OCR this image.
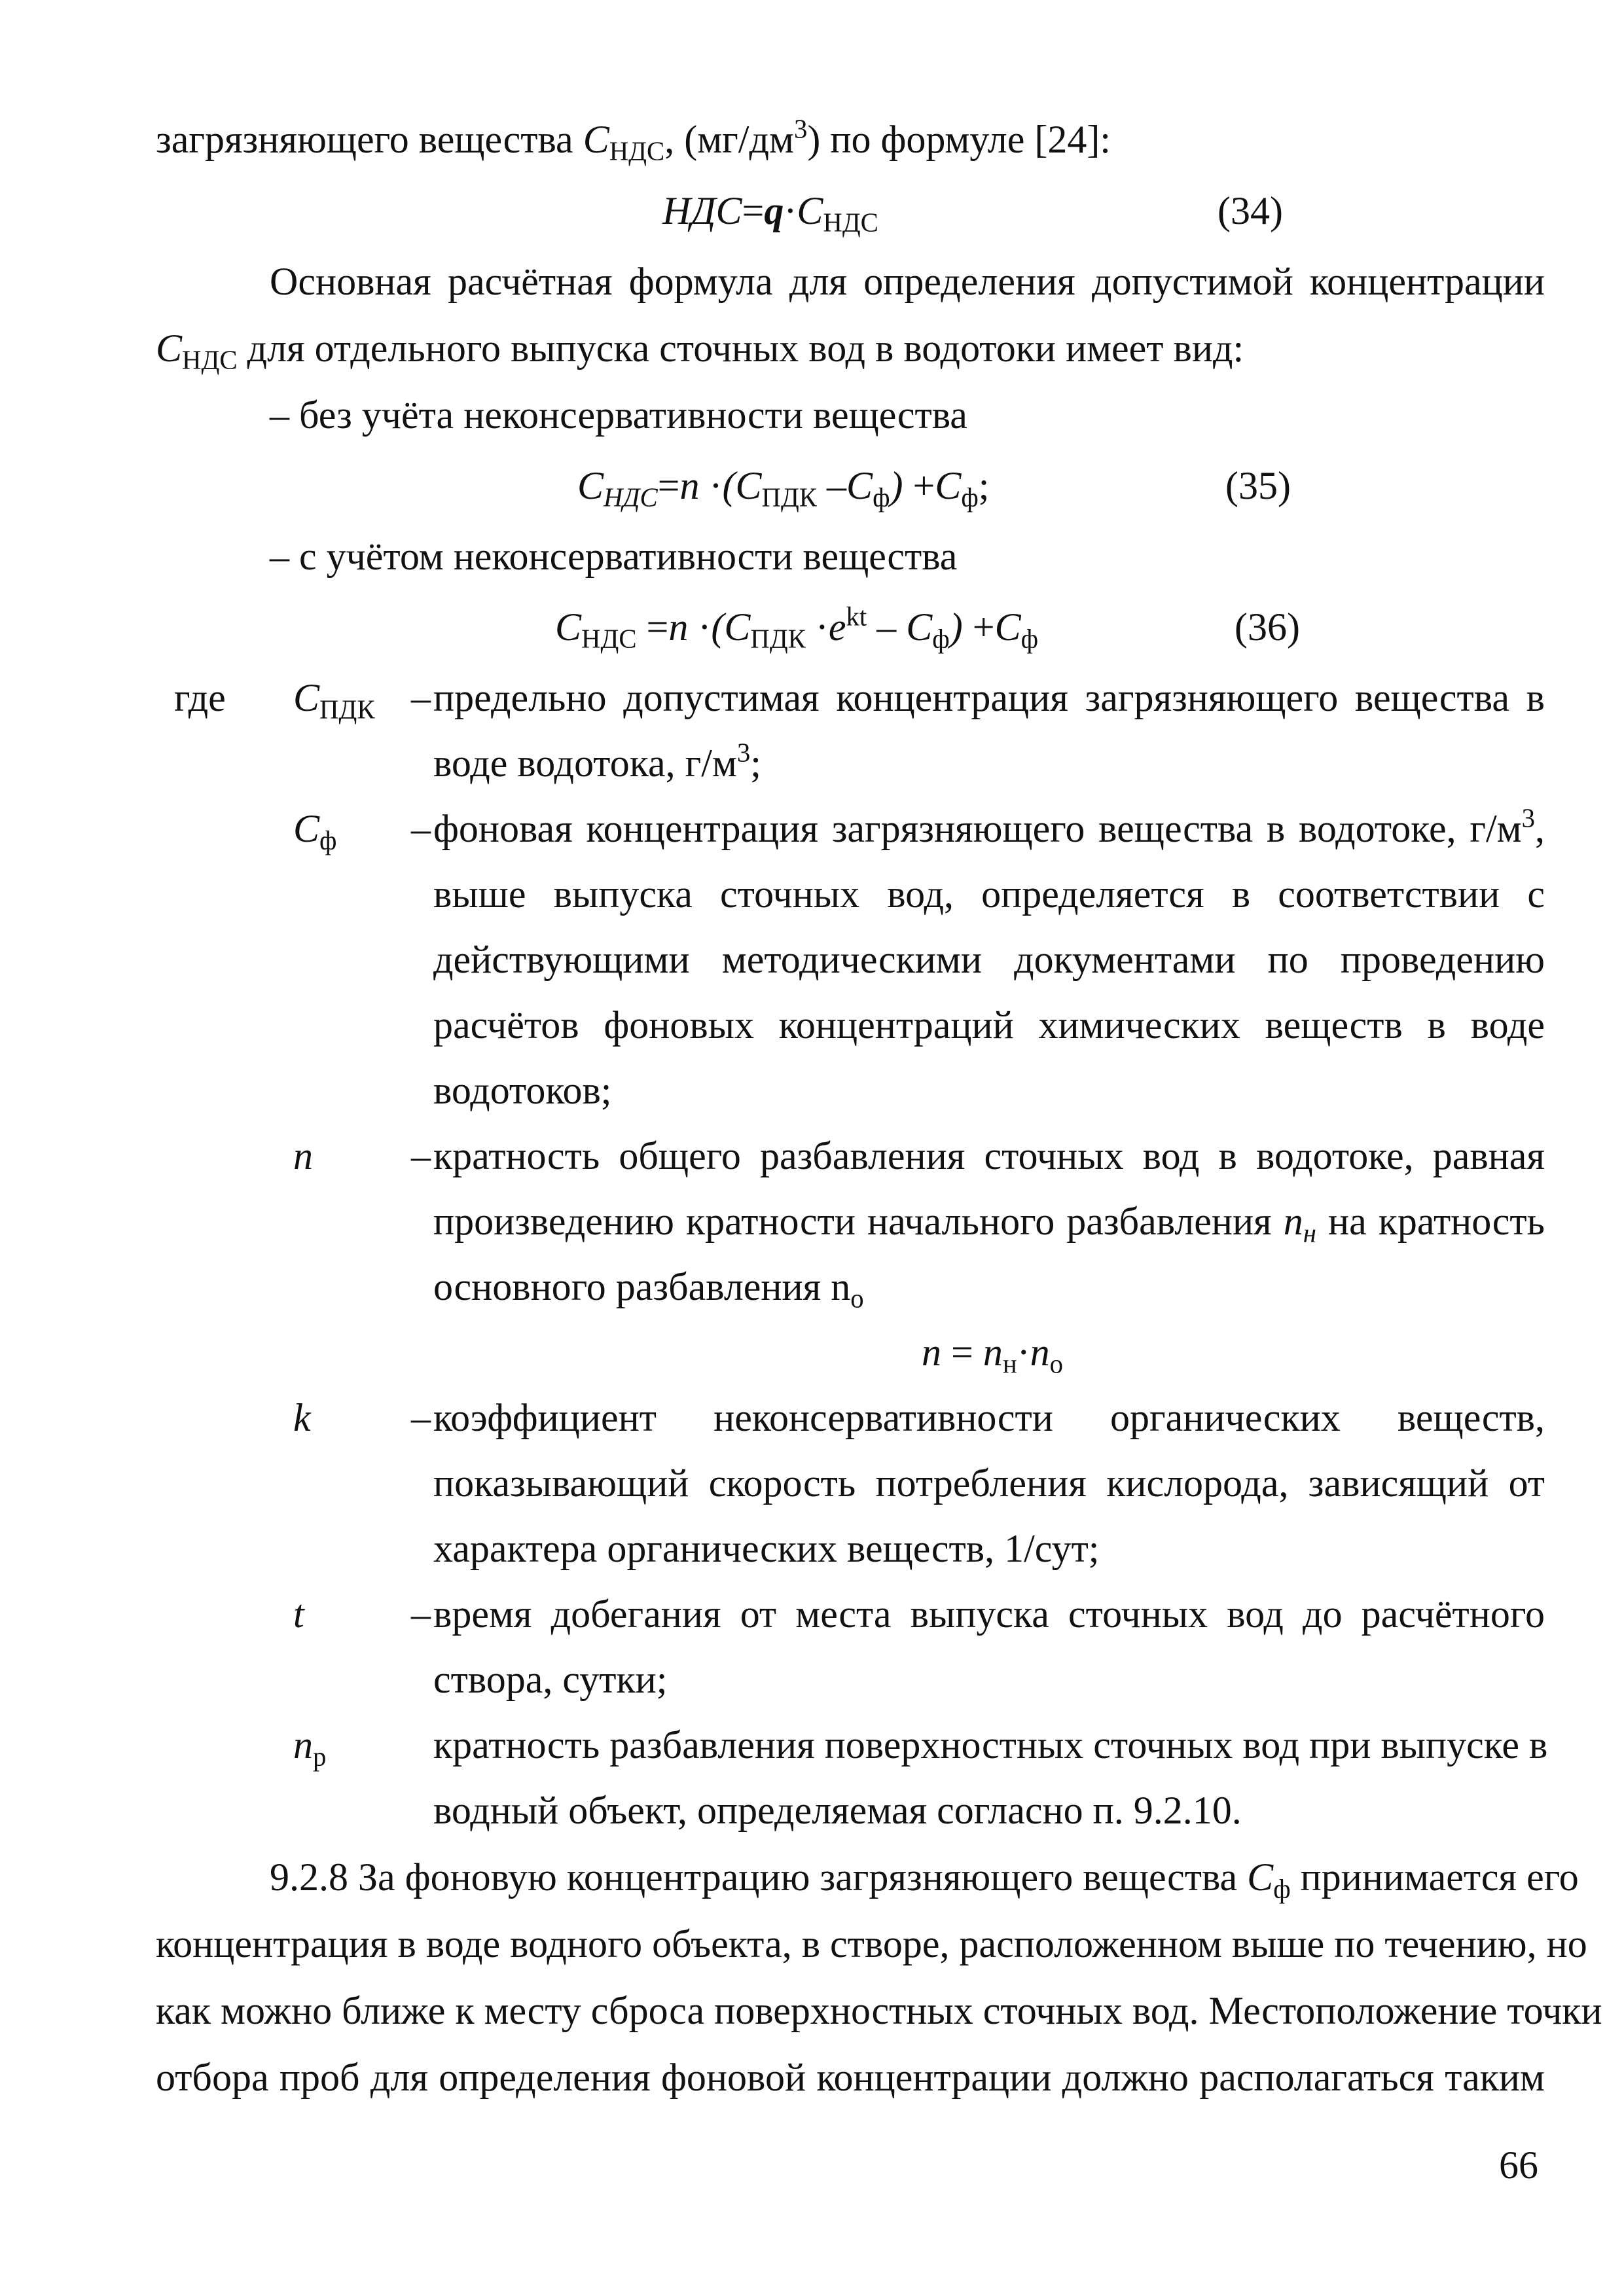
загрязняющего вещества $C_{НДС}$, $(мг/дм^3)$ по формуле [24]:
$НДС=q\cdot C_{НДС}$	(34)
Основная расчётная формула для определения допустимой концентрации
$C_{НДС}$ для отдельного выпуска сточных вод в водотоки имеет вид:
– без учёта неконсервативности вещества
$C_{НДС}=n \cdot(C_{ПДК}$ $-C_ф) +C_ф$;	(35)
– с учётом неконсервативности вещества
$C_{НДС} =n \cdot(C_{ПДК} \cdot e^{kt} - C_ф) +C_ф$	(36)
где $C_{ПДК}$ – предельно допустимая концентрация загрязняющего вещества в
воде водотока, $г/м^3$;
$C_ф$ – фоновая концентрация загрязняющего вещества в водотоке, $г/м^3$,
выше выпуска сточных вод, определяется в соответствии с
действующими методическими документами по проведению
расчётов фоновых концентраций химических веществ в воде
водотоков;
n	– кратность общего разбавления сточных вод в водотоке, равная
произведению кратности начального разбавления $n_н$ на кратность
основного разбавления $n_о$
$n = n_н\cdot n_о$
k	– коэффициент неконсервативности органических веществ,
показывающий скорость потребления кислорода, зависящий от
характера органических веществ, 1/сут;
t	– время добегания от места выпуска сточных вод до расчётного
створа, сутки;
$n_р$	кратность разбавления поверхностных сточных вод при выпуске в
водный объект, определяемая согласно п. 9.2.10.
9.2.8 За фоновую концентрацию загрязняющего вещества $C_ф$ принимается его
концентрация в воде водного объекта, в створе, расположенном выше по течению, но
как можно ближе к месту сброса поверхностных сточных вод. Местоположение точки
отбора проб для определения фоновой концентрации должно располагаться таким
66
